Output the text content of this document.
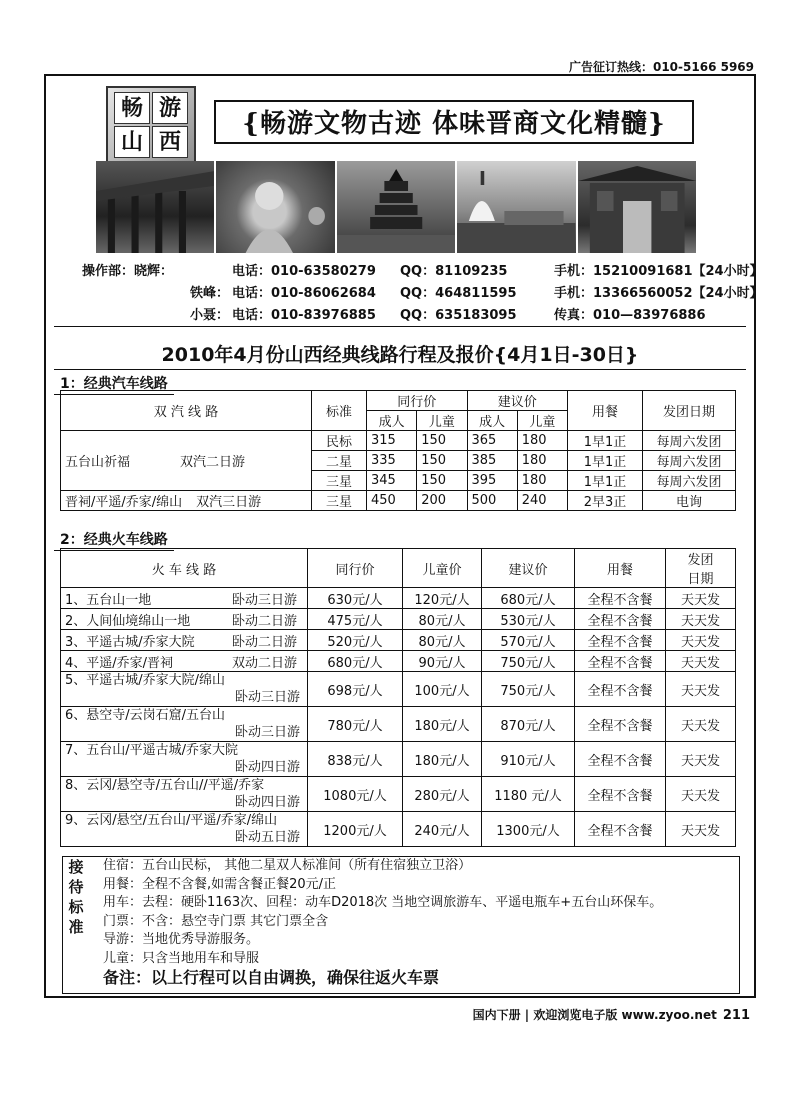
广告征订热线：010-5166 5969
畅 游
山 西
{畅游文物古迹 体味晋商文化精髓}
操作部：晓辉：	电话：010-63580279 QQ：81109235	手机：15210091681【24小时】
铁峰： 电话：010-86062684 QQ：464811595	手机：13366560052【24小时】
小聂： 电话：010-83976885 QQ：635183095	传真：010—83976886
2010年4月份山西经典线路行程及报价{4月1日-30日}
1：经典汽车线路
双 汽 线 路	标准	同行价		建议价		用餐	发团日期
		成人	儿童	成人	儿童		
五台山祈福 双汽二日游	民标	315	150	365	180	1早1正	每周六发团
	二星	335	150	385	180	1早1正	每周六发团
	三星	345	150	395	180	1早1正	每周六发团
晋祠/平遥/乔家/绵山 双汽三日游	三星	450	200	500	240	2早3正	电询
2：经典火车线路
火 车 线 路	同行价	儿童价	建议价	用餐	发团
日期
1、五台山一地 卧动三日游	630元/人	120元/人	680元/人	全程不含餐	天天发
2、人间仙境绵山一地 卧动二日游	475元/人	80元/人	530元/人	全程不含餐	天天发
3、平遥古城/乔家大院 卧动二日游	520元/人	80元/人	570元/人	全程不含餐	天天发
4、平遥/乔家/晋祠 双动二日游	680元/人	90元/人	750元/人	全程不含餐	天天发
5、平遥古城/乔家大院/绵山
卧动三日游	698元/人	100元/人	750元/人	全程不含餐	天天发
6、悬空寺/云岗石窟/五台山
卧动三日游	780元/人	180元/人	870元/人	全程不含餐	天天发
7、五台山/平遥古城/乔家大院
卧动四日游	838元/人	180元/人	910元/人	全程不含餐	天天发
8、云冈/悬空寺/五台山//平遥/乔家
卧动四日游	1080元/人	280元/人	1180 元/人	全程不含餐	天天发
9、云冈/悬空/五台山/平遥/乔家/绵山
卧动五日游	1200元/人	240元/人	1300元/人	全程不含餐	天天发
接
待
标
准
住宿：五台山民标， 其他二星双人标准间（所有住宿独立卫浴）
用餐：全程不含餐,如需含餐正餐20元/正
用车：去程：硬卧1163次、回程：动车D2018次 当地空调旅游车、平遥电瓶车+五台山环保车。
门票：不含：悬空寺门票 其它门票全含
导游：当地优秀导游服务。
儿童：只含当地用车和导服
备注：以上行程可以自由调换，确保往返火车票
国内下册 | 欢迎浏览电子版 www.zyoo.net 211
